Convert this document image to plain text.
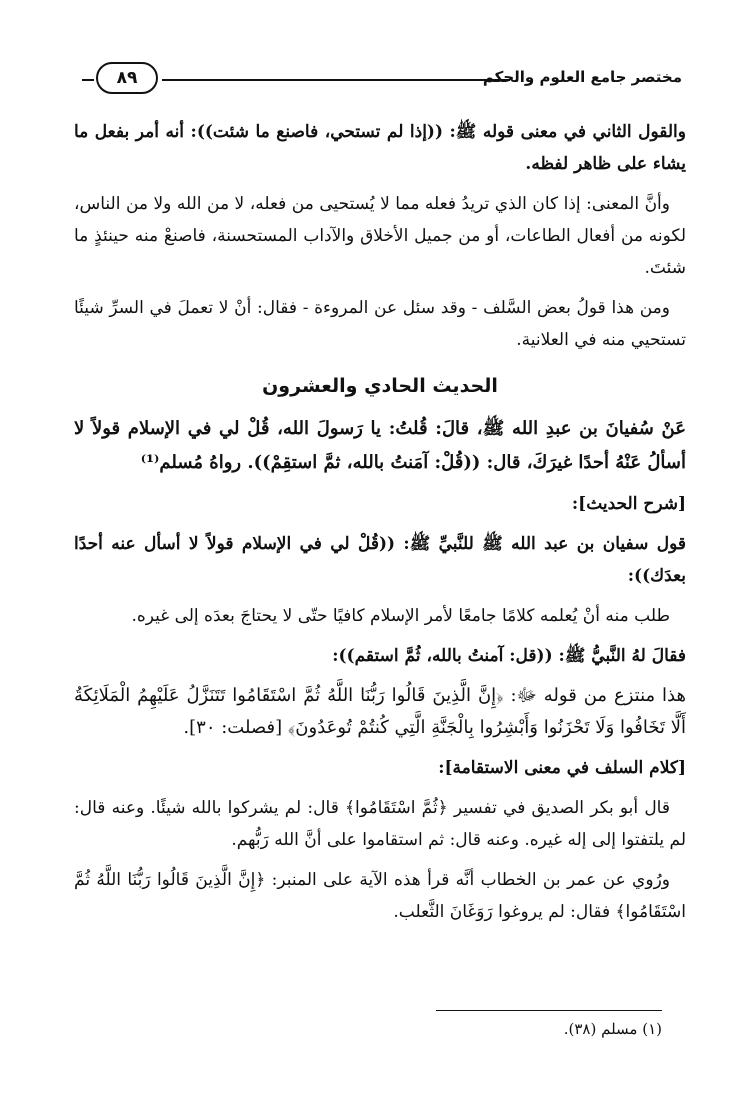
مختصر جامع العلوم والحكم
٨٩

والقول الثاني في معنى قوله ﷺ: ((إذا لم تستحي، فاصنع ما شئت)): أنه أمر بفعل ما يشاء على ظاهر لفظه.

وأنَّ المعنى: إذا كان الذي تريدُ فعله مما لا يُستحيى من فعله، لا من الله ولا من الناس، لكونه من أفعال الطاعات، أو من جميل الأخلاق والآداب المستحسنة، فاصنعْ منه حينئذٍ ما شئتَ.

ومن هذا قولُ بعض السَّلف - وقد سئل عن المروءة - فقال: أنْ لا تعملَ في السرِّ شيئًا تستحيي منه في العلانية.

الحديث الحادي والعشرون

عَنْ سُفيانَ بن عبدِ الله ﷺ، قالَ: قُلتُ: يا رَسولَ الله، قُلْ لي في الإسلام قولاً لا أسألُ عَنْهُ أحدًا غيرَكَ، قال: ((قُلْ: آمَنتُ بالله، ثمَّ استقِمْ)). رواهُ مُسلم⁽¹⁾

[شرح الحديث]:

قول سفيان بن عبد الله ﷺ للنَّبيِّ ﷺ: ((قُلْ لي في الإسلام قولاً لا أسأل عنه أحدًا بعدَك)):

طلب منه أنْ يُعلمه كلامًا جامعًا لأمر الإسلام كافيًا حتّى لا يحتاجَ بعدَه إلى غيره.

فقالَ لهُ النَّبيُّ ﷺ: ((قل: آمنتُ بالله، ثُمَّ استقم)):

هذا منتزع من قوله ﷻ: ﴿إِنَّ الَّذِينَ قَالُوا رَبُّنَا اللَّهُ ثُمَّ اسْتَقَامُوا تَتَنَزَّلُ عَلَيْهِمُ الْمَلَائِكَةُ أَلَّا تَخَافُوا وَلَا تَحْزَنُوا وَأَبْشِرُوا بِالْجَنَّةِ الَّتِي كُنتُمْ تُوعَدُونَ﴾ [فصلت: ٣٠].

[كلام السلف في معنى الاستقامة]:

قال أبو بكر الصديق في تفسير ﴿ثُمَّ اسْتَقَامُوا﴾ قال: لم يشركوا بالله شيئًا. وعنه قال: لم يلتفتوا إلى إله غيره. وعنه قال: ثم استقاموا على أنَّ الله رَبُّهم.

ورُوي عن عمر بن الخطاب أنَّه قرأ هذه الآية على المنبر: ﴿إِنَّ الَّذِينَ قَالُوا رَبُّنَا اللَّهُ ثُمَّ اسْتَقَامُوا﴾ فقال: لم يروغوا رَوَغَانَ الثَّعلب.

(١) مسلم (٣٨).
